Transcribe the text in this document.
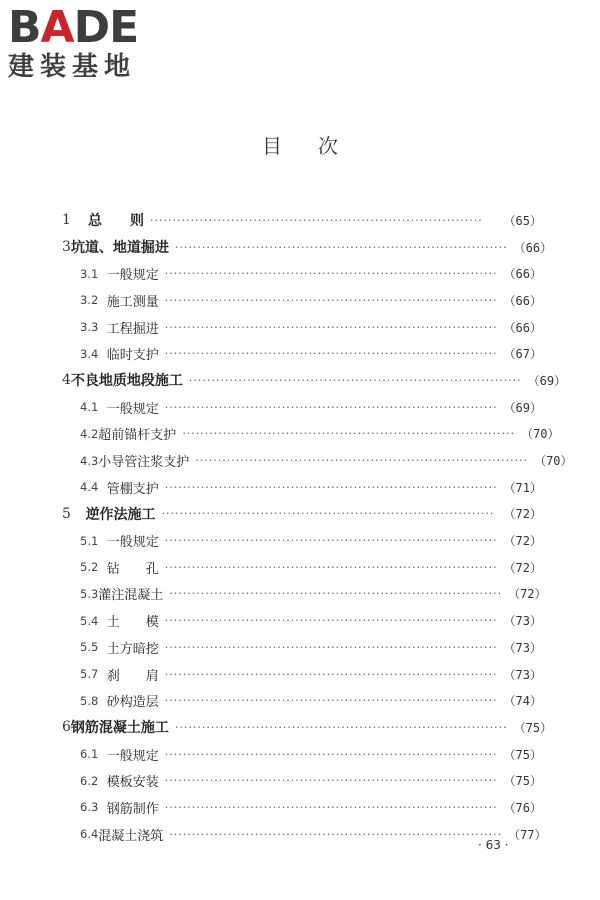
BADE
建装基地
目次
1	总　　则 ··········································································	（65）
3 坑道、地道掘进 ·········································································· （66）
3.1 一般规定 ·········································································· （66）
3.2 施工测量 ·········································································· （66）
3.3 工程掘进 ·········································································· （66）
3.4 临时支护 ·········································································· （67）
4 不良地质地段施工 ·········································································· （69）
4.1 一般规定 ·········································································· （69）
4.2 超前锚杆支护 ·········································································· （70）
4.3 小导管注浆支护 ·········································································· （70）
4.4 管棚支护 ·········································································· （71）
5	逆作法施工 ·········································································· （72）
5.1 一般规定 ·········································································· （72）
5.2 钻　　孔 ·········································································· （72）
5.3 灌注混凝土 ·········································································· （72）
5.4 土　　模 ·········································································· （73）
5.5 土方暗挖 ·········································································· （73）
5.7 刹　　肩 ·········································································· （73）
5.8 砂构造层 ·········································································· （74）
6 钢筋混凝土施工 ·········································································· （75）
6.1 一般规定 ·········································································· （75）
6.2 模板安装 ·········································································· （75）
6.3 钢筋制作 ·········································································· （76）
6.4 混凝土浇筑 ·········································································· （77）
· 63 ·
